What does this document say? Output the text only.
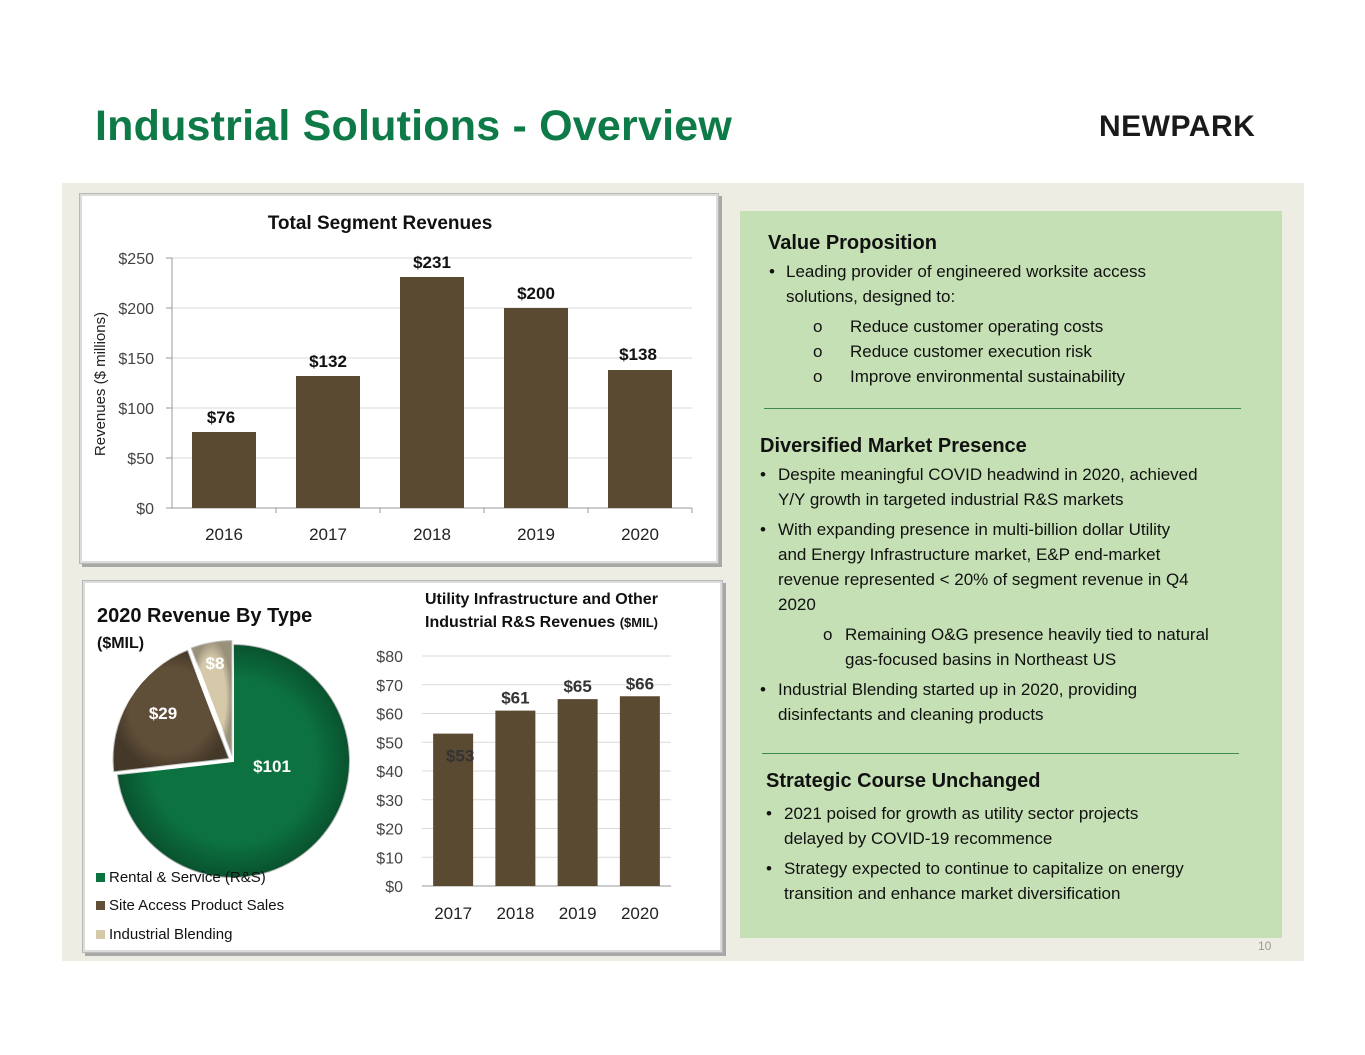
Industrial Solutions - Overview	NEWPARK
Total Segment Revenues
Revenues ($ millions)
$0
$50
$100
$150
$200
$250
2016
$76
2017
$132
2018
$231
2019
$200
2020
$138
2020 Revenue By Type
($MIL)
$101
$29
$8
Utility Infrastructure and Other
Industrial R&S Revenues ($MIL)
$0
$10
$20
$30
$40
$50
$60
$70
$80
2017
$53
2018
$61
2019
$65
2020
$66
Rental & Service (R&S)
Site Access Product Sales
Industrial Blending
Value Proposition
• Leading provider of engineered worksite access
solutions, designed to:
o Reduce customer operating costs
o Reduce customer execution risk
o Improve environmental sustainability
Diversified Market Presence
• Despite meaningful COVID headwind in 2020, achieved
Y/Y growth in targeted industrial R&S markets
• With expanding presence in multi-billion dollar Utility
and Energy Infrastructure market, E&P end-market
revenue represented < 20% of segment revenue in Q4
2020
o Remaining O&G presence heavily tied to natural
gas-focused basins in Northeast US
• Industrial Blending started up in 2020, providing
disinfectants and cleaning products
Strategic Course Unchanged
• 2021 poised for growth as utility sector projects
delayed by COVID-19 recommence
• Strategy expected to continue to capitalize on energy
transition and enhance market diversification
10
